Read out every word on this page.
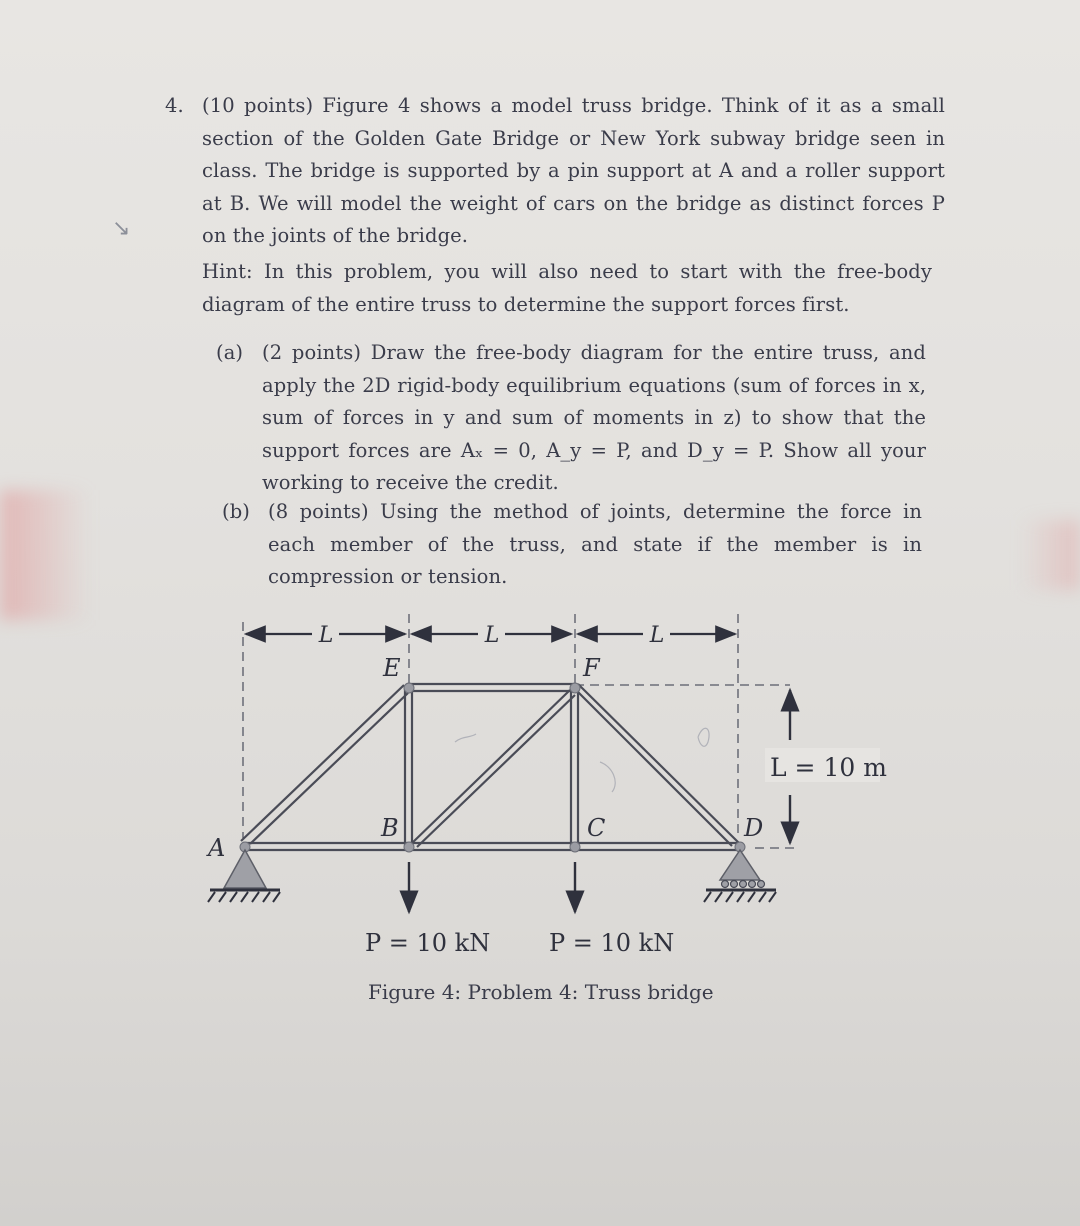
4. (10 points) Figure 4 shows a model truss bridge. Think of it as a small section of the Golden Gate Bridge or New York subway bridge seen in class. The bridge is supported by a pin support at A and a roller support at B. We will model the weight of cars on the bridge as distinct forces P on the joints of the bridge.
↘
Hint: In this problem, you will also need to start with the free-body diagram of the entire truss to determine the support forces first.
(a) (2 points) Draw the free-body diagram for the entire truss, and apply the 2D rigid-body equilibrium equations (sum of forces in x, sum of forces in y and sum of moments in z) to show that the support forces are Aₓ = 0, A_y = P, and D_y = P. Show all your working to receive the credit.
(b) (8 points) Using the method of joints, determine the force in each member of the truss, and state if the member is in compression or tension.
L	L	L
L = 10 m
E	F
B	C	D
A
P = 10 kN P = 10 kN
Figure 4: Problem 4: Truss bridge
